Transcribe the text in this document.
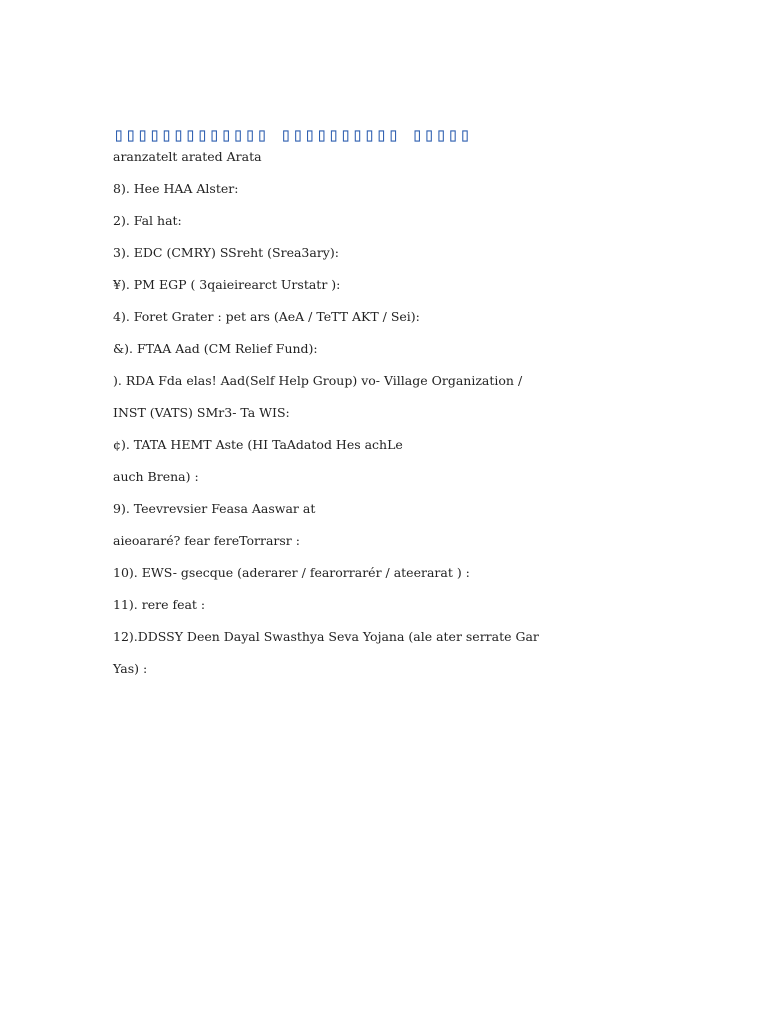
▯▯▯▯▯▯▯▯▯▯▯▯▯ ▯▯▯▯▯▯▯▯▯▯ ▯▯▯▯▯

aranzatelt arated Arata

8). Hee HAA Alster:

2). Fal hat:

3). EDC (CMRY) SSreht (Srea3ary):

¥). PM EGP ( 3qaieirearct Urstatr ):

4). Foret Grater : pet ars (AeA / TeTT AKT / Sei):

&). FTAA Aad (CM Relief Fund):

). RDA Fda elas! Aad(Self Help Group) vo- Village Organization /

INST (VATS) SMr3- Ta WIS:

¢). TATA HEMT Aste (HI TaAdatod Hes achLe

auch Brena) :

9). Teevrevsier Feasa Aaswar at

aieoararé? fear fereTorrarsr :

10). EWS- gsecque (aderarer / fearorrarér / ateerarat ) :

11). rere feat :

12).DDSSY Deen Dayal Swasthya Seva Yojana (ale ater serrate Gar

Yas) :
